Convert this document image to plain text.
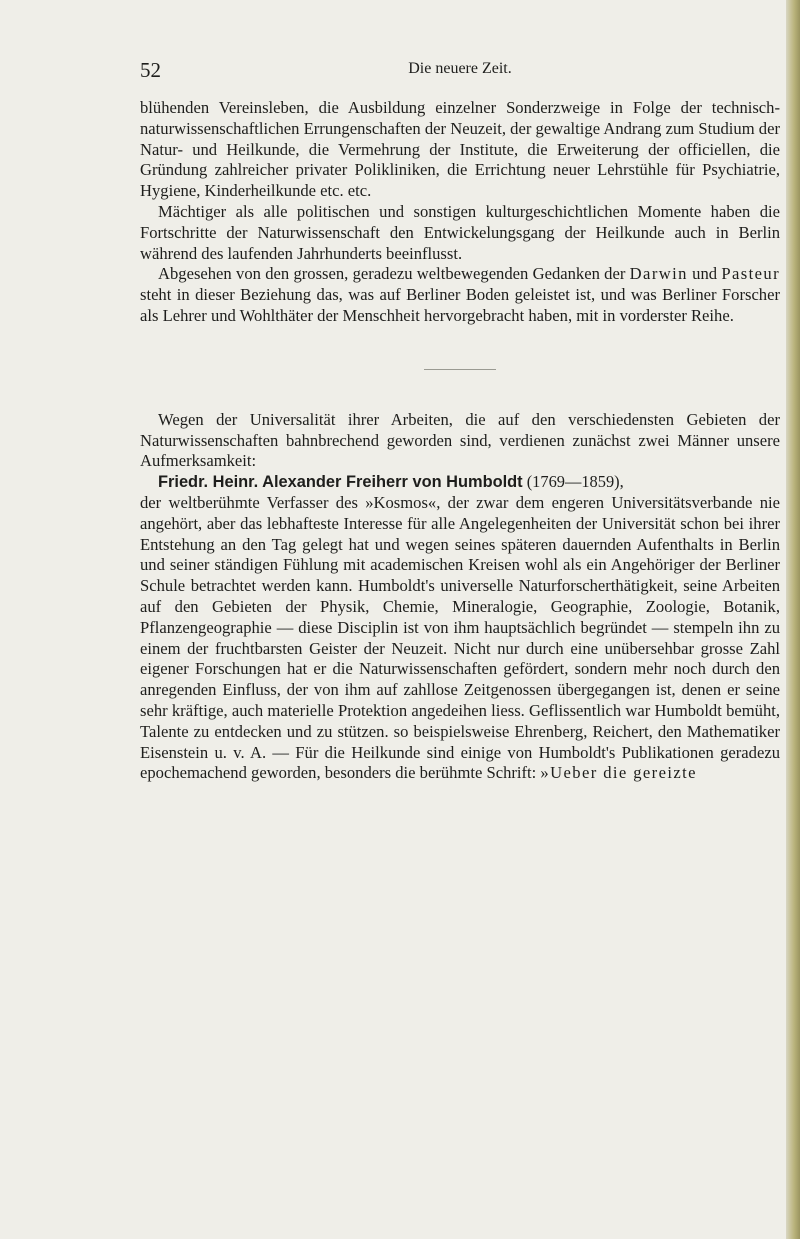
52	Die neuere Zeit.

blühenden Vereinsleben, die Ausbildung einzelner Sonderzweige in Folge der technisch-naturwissenschaftlichen Errungenschaften der Neuzeit, der gewaltige Andrang zum Studium der Natur- und Heilkunde, die Vermehrung der Institute, die Erweiterung der officiellen, die Gründung zahlreicher privater Polikliniken, die Errichtung neuer Lehrstühle für Psychiatrie, Hygiene, Kinderheilkunde etc. etc.

Mächtiger als alle politischen und sonstigen kulturgeschichtlichen Momente haben die Fortschritte der Naturwissenschaft den Entwickelungsgang der Heilkunde auch in Berlin während des laufenden Jahrhunderts beeinflusst.

Abgesehen von den grossen, geradezu weltbewegenden Gedanken der Darwin und Pasteur steht in dieser Beziehung das, was auf Berliner Boden geleistet ist, und was Berliner Forscher als Lehrer und Wohlthäter der Menschheit hervorgebracht haben, mit in vorderster Reihe.

Wegen der Universalität ihrer Arbeiten, die auf den verschiedensten Gebieten der Naturwissenschaften bahnbrechend geworden sind, verdienen zunächst zwei Männer unsere Aufmerksamkeit:

Friedr. Heinr. Alexander Freiherr von Humboldt (1769—1859),

der weltberühmte Verfasser des »Kosmos«, der zwar dem engeren Universitätsverbande nie angehört, aber das lebhafteste Interesse für alle Angelegenheiten der Universität schon bei ihrer Entstehung an den Tag gelegt hat und wegen seines späteren dauernden Aufenthalts in Berlin und seiner ständigen Fühlung mit academischen Kreisen wohl als ein Angehöriger der Berliner Schule betrachtet werden kann. Humboldt's universelle Naturforscherthätigkeit, seine Arbeiten auf den Gebieten der Physik, Chemie, Mineralogie, Geographie, Zoologie, Botanik, Pflanzengeographie — diese Disciplin ist von ihm hauptsächlich begründet — stempeln ihn zu einem der fruchtbarsten Geister der Neuzeit. Nicht nur durch eine unübersehbar grosse Zahl eigener Forschungen hat er die Naturwissenschaften gefördert, sondern mehr noch durch den anregenden Einfluss, der von ihm auf zahllose Zeitgenossen übergegangen ist, denen er seine sehr kräftige, auch materielle Protektion angedeihen liess. Geflissentlich war Humboldt bemüht, Talente zu entdecken und zu stützen. so beispielsweise Ehrenberg, Reichert, den Mathematiker Eisenstein u. v. A. — Für die Heilkunde sind einige von Humboldt's Publikationen geradezu epochemachend geworden, besonders die berühmte Schrift: »Ueber die gereizte
